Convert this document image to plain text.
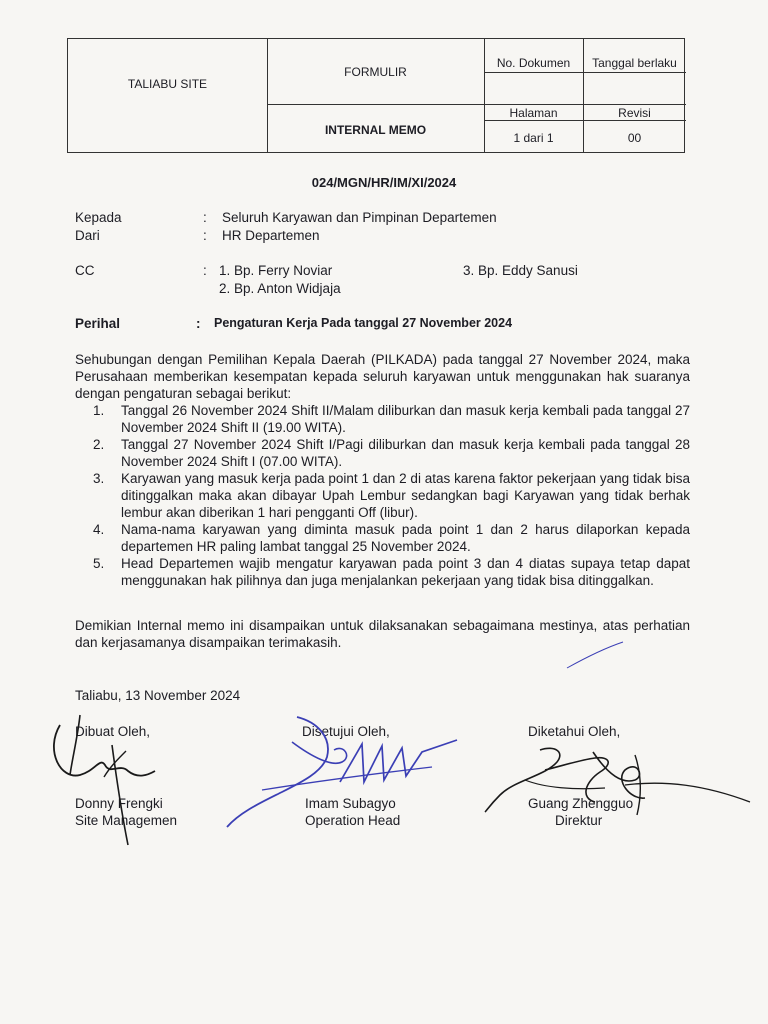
TALIABU SITE
FORMULIR
INTERNAL MEMO
No. Dokumen	Tanggal berlaku
Halaman	Revisi
1 dari 1	00
024/MGN/HR/IM/XI/2024
Kepada	: Seluruh Karyawan dan Pimpinan Departemen
Dari	: HR Departemen
CC	: 1. Bp. Ferry Noviar
2. Bp. Anton Widjaja
3. Bp. Eddy Sanusi
Perihal	: Pengaturan Kerja Pada tanggal 27 November 2024
Sehubungan dengan Pemilihan Kepala Daerah (PILKADA) pada tanggal 27 November 2024, maka Perusahaan memberikan kesempatan kepada seluruh karyawan untuk menggunakan hak suaranya dengan pengaturan sebagai berikut:
1. Tanggal 26 November 2024 Shift II/Malam diliburkan dan masuk kerja kembali pada tanggal 27 November 2024 Shift II (19.00 WITA).
2. Tanggal 27 November 2024 Shift I/Pagi diliburkan dan masuk kerja kembali pada tanggal 28 November 2024 Shift I (07.00 WITA).
3. Karyawan yang masuk kerja pada point 1 dan 2 di atas karena faktor pekerjaan yang tidak bisa ditinggalkan maka akan dibayar Upah Lembur sedangkan bagi Karyawan yang tidak berhak lembur akan diberikan 1 hari pengganti Off (libur).
4. Nama-nama karyawan yang diminta masuk pada point 1 dan 2 harus dilaporkan kepada departemen HR paling lambat tanggal 25 November 2024.
5. Head Departemen wajib mengatur karyawan pada point 3 dan 4 diatas supaya tetap dapat menggunakan hak pilihnya dan juga menjalankan pekerjaan yang tidak bisa ditinggalkan.
Demikian Internal memo ini disampaikan untuk dilaksanakan sebagaimana mestinya, atas perhatian dan kerjasamanya disampaikan terimakasih.
Taliabu, 13 November 2024
Dibuat Oleh,
Donny Frengki
Site Managemen
Disetujui Oleh,
Imam Subagyo
Operation Head
Diketahui Oleh,
Guang Zhengguo
Direktur
